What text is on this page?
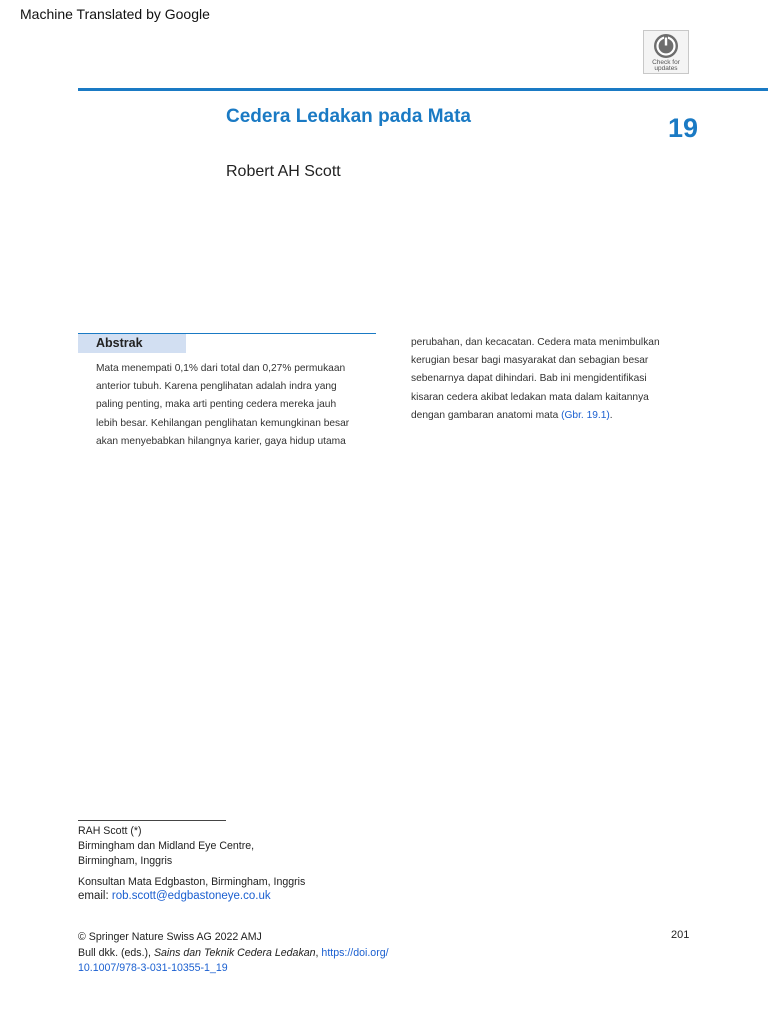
Machine Translated by Google
Check for
updates
Cedera Ledakan pada Mata	19
Robert AH Scott
Abstrak
Mata menempati 0,1% dari total dan 0,27% permukaan
anterior tubuh. Karena penglihatan adalah indra yang
paling penting, maka arti penting cedera mereka jauh
lebih besar. Kehilangan penglihatan kemungkinan besar
akan menyebabkan hilangnya karier, gaya hidup utama
perubahan, dan kecacatan. Cedera mata menimbulkan
kerugian besar bagi masyarakat dan sebagian besar
sebenarnya dapat dihindari. Bab ini mengidentifikasi
kisaran cedera akibat ledakan mata dalam kaitannya
dengan gambaran anatomi mata (Gbr. 19.1).
RAH Scott (*)
Birmingham dan Midland Eye Centre,
Birmingham, Inggris
Konsultan Mata Edgbaston, Birmingham, Inggris
email: rob.scott@edgbastoneye.co.uk
© Springer Nature Swiss AG 2022 AMJ
Bull dkk. (eds.), Sains dan Teknik Cedera Ledakan, https://doi.org/
10.1007/978-3-031-10355-1_19
201
